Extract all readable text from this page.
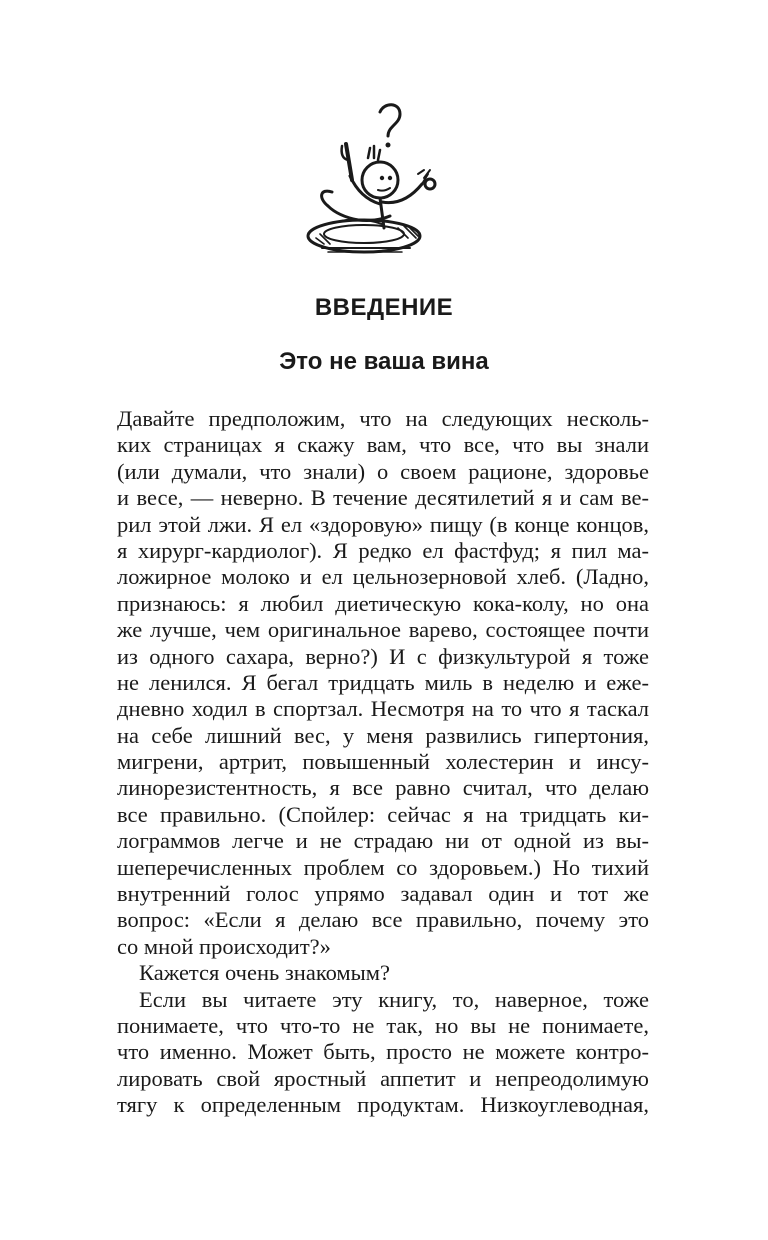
ВВЕДЕНИЕ
Это не ваша вина
Давайте предположим, что на следующих несколь-
ких страницах я скажу вам, что все, что вы знали
(или думали, что знали) о своем рационе, здоровье
и весе, — неверно. В течение десятилетий я и сам ве-
рил этой лжи. Я ел «здоровую» пищу (в конце концов,
я хирург-кардиолог). Я редко ел фастфуд; я пил ма-
ложирное молоко и ел цельнозерновой хлеб. (Ладно,
признаюсь: я любил диетическую кока-колу, но она
же лучше, чем оригинальное варево, состоящее почти
из одного сахара, верно?) И с физкультурой я тоже
не ленился. Я бегал тридцать миль в неделю и еже-
дневно ходил в спортзал. Несмотря на то что я таскал
на себе лишний вес, у меня развились гипертония,
мигрени, артрит, повышенный холестерин и инсу-
линорезистентность, я все равно считал, что делаю
все правильно. (Спойлер: сейчас я на тридцать ки-
лограммов легче и не страдаю ни от одной из вы-
шеперечисленных проблем со здоровьем.) Но тихий
внутренний голос упрямо задавал один и тот же
вопрос: «Если я делаю все правильно, почему это
со мной происходит?»
Кажется очень знакомым?
Если вы читаете эту книгу, то, наверное, тоже
понимаете, что что-то не так, но вы не понимаете,
что именно. Может быть, просто не можете контро-
лировать свой яростный аппетит и непреодолимую
тягу к определенным продуктам. Низкоуглеводная,
